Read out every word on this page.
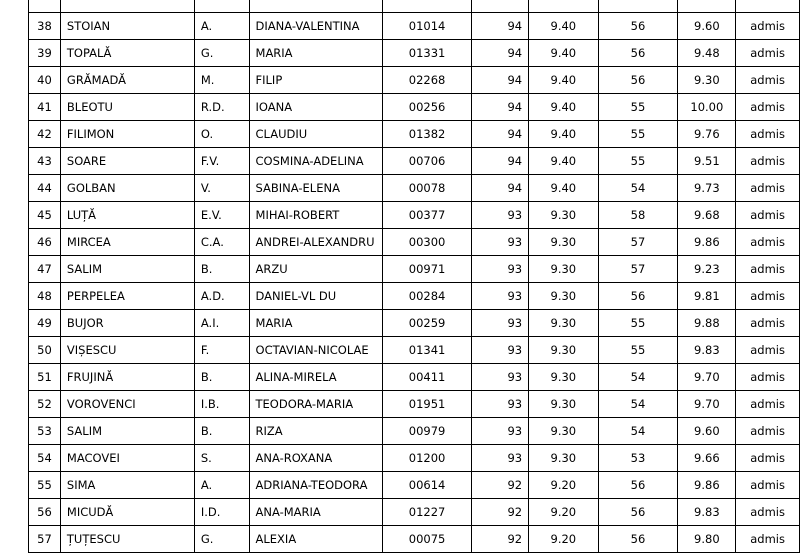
38	STOIAN	A.	DIANA-VALENTINA	01014	94	9.40	56	9.60	admis
39	TOPALĂ	G.	MARIA	01331	94	9.40	56	9.48	admis
40	GRĂMADĂ	M.	FILIP	02268	94	9.40	56	9.30	admis
41	BLEOTU	R.D.	IOANA	00256	94	9.40	55	10.00	admis
42	FILIMON	O.	CLAUDIU	01382	94	9.40	55	9.76	admis
43	SOARE	F.V.	COSMINA-ADELINA	00706	94	9.40	55	9.51	admis
44	GOLBAN	V.	SABINA-ELENA	00078	94	9.40	54	9.73	admis
45	LUȚĂ	E.V.	MIHAI-ROBERT	00377	93	9.30	58	9.68	admis
46	MIRCEA	C.A.	ANDREI-ALEXANDRU	00300	93	9.30	57	9.86	admis
47	SALIM	B.	ARZU	00971	93	9.30	57	9.23	admis
48	PERPELEA	A.D.	DANIEL-VL DU	00284	93	9.30	56	9.81	admis
49	BUJOR	A.I.	MARIA	00259	93	9.30	55	9.88	admis
50	VIȘESCU	F.	OCTAVIAN-NICOLAE	01341	93	9.30	55	9.83	admis
51	FRUJINĂ	B.	ALINA-MIRELA	00411	93	9.30	54	9.70	admis
52	VOROVENCI	I.B.	TEODORA-MARIA	01951	93	9.30	54	9.70	admis
53	SALIM	B.	RIZA	00979	93	9.30	54	9.60	admis
54	MACOVEI	S.	ANA-ROXANA	01200	93	9.30	53	9.66	admis
55	SIMA	A.	ADRIANA-TEODORA	00614	92	9.20	56	9.86	admis
56	MICUDĂ	I.D.	ANA-MARIA	01227	92	9.20	56	9.83	admis
57	ȚUȚESCU	G.	ALEXIA	00075	92	9.20	56	9.80	admis
